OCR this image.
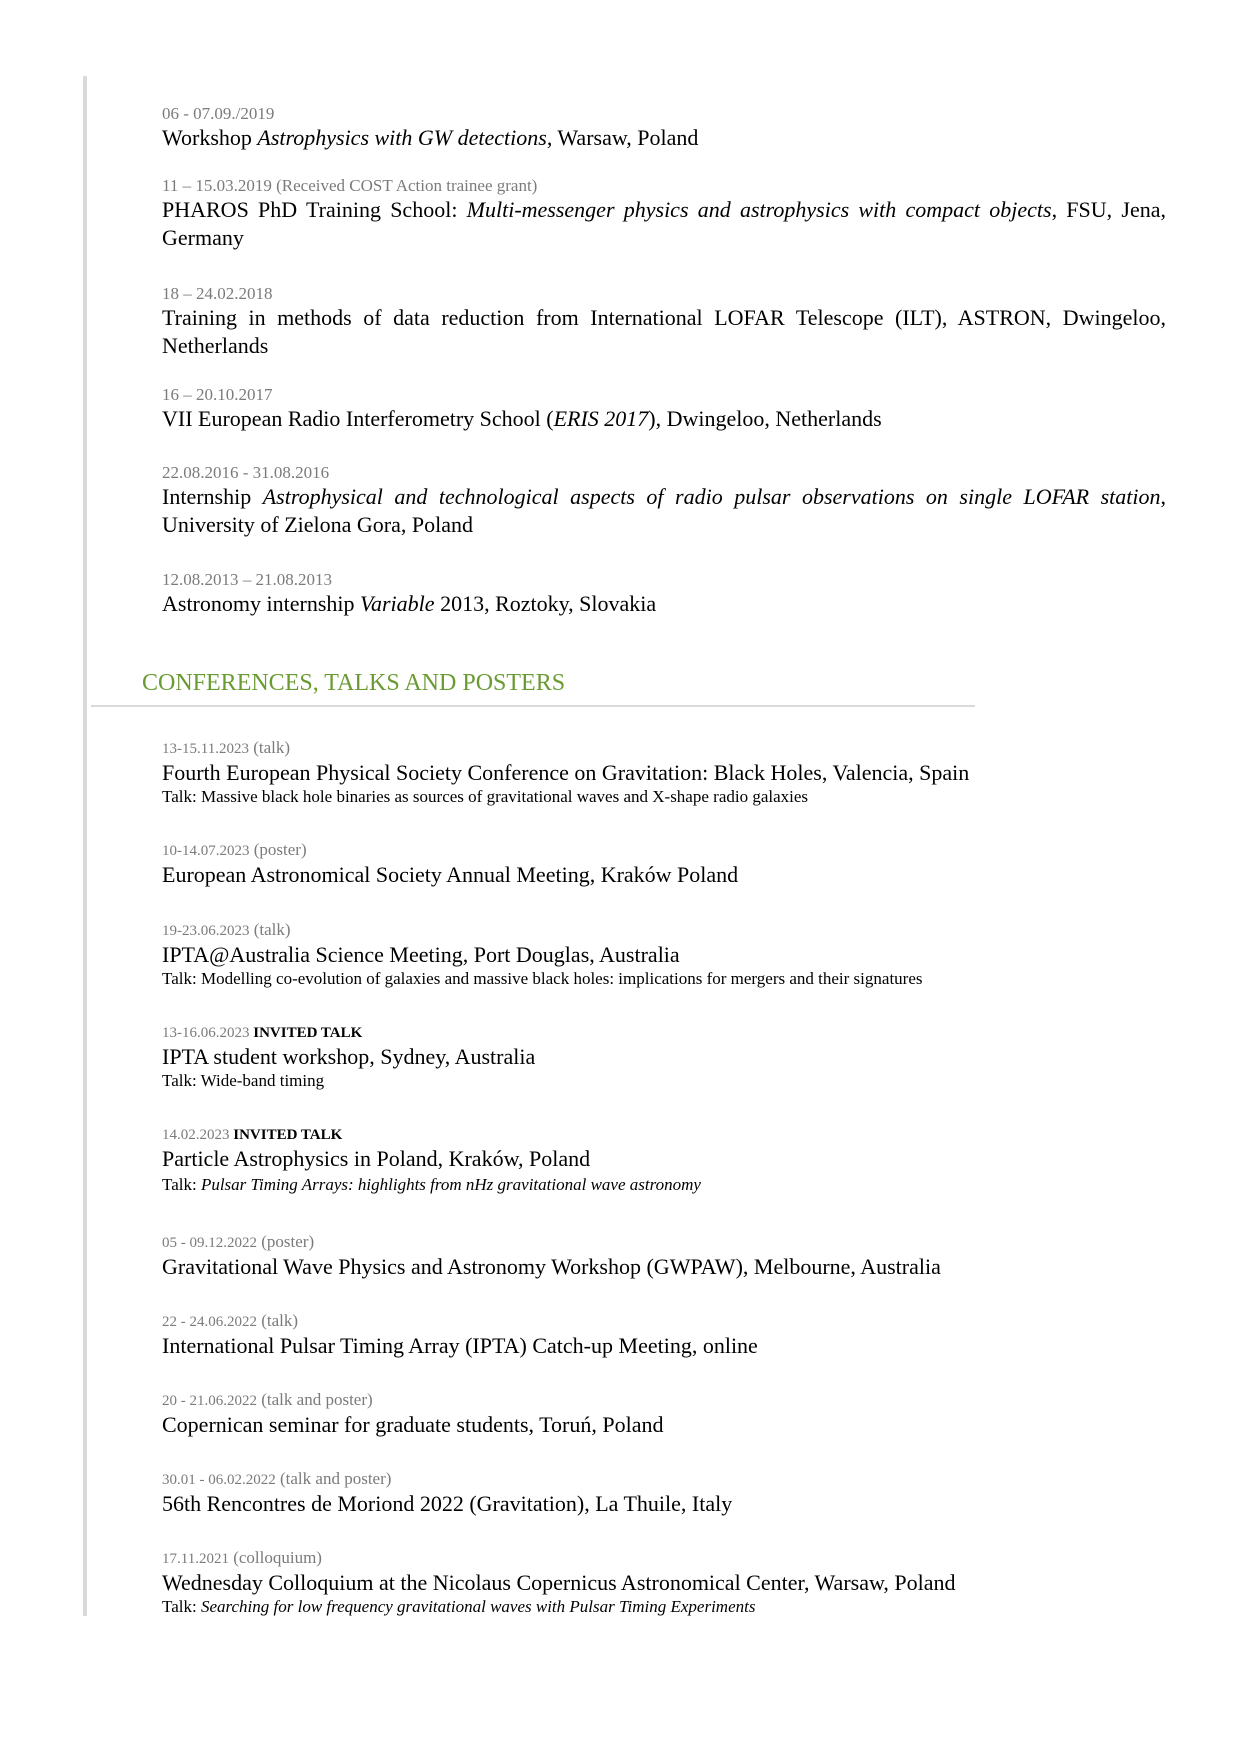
06 - 07.09./2019
Workshop Astrophysics with GW detections, Warsaw, Poland
11 – 15.03.2019 (Received COST Action trainee grant)
PHAROS PhD Training School: Multi-messenger physics and astrophysics with compact objects, FSU, Jena, Germany
18 – 24.02.2018
Training in methods of data reduction from International LOFAR Telescope (ILT), ASTRON, Dwingeloo, Netherlands
16 – 20.10.2017
VII European Radio Interferometry School (ERIS 2017), Dwingeloo, Netherlands
22.08.2016 - 31.08.2016
Internship Astrophysical and technological aspects of radio pulsar observations on single LOFAR station, University of Zielona Gora, Poland
12.08.2013 – 21.08.2013
Astronomy internship Variable 2013, Roztoky, Slovakia
CONFERENCES, TALKS AND POSTERS
13-15.11.2023 (talk)
Fourth European Physical Society Conference on Gravitation: Black Holes, Valencia, Spain
Talk: Massive black hole binaries as sources of gravitational waves and X-shape radio galaxies
10-14.07.2023 (poster)
European Astronomical Society Annual Meeting, Kraków Poland
19-23.06.2023 (talk)
IPTA@Australia Science Meeting, Port Douglas, Australia
Talk: Modelling co-evolution of galaxies and massive black holes: implications for mergers and their signatures
13-16.06.2023 INVITED TALK
IPTA student workshop, Sydney, Australia
Talk: Wide-band timing
14.02.2023 INVITED TALK
Particle Astrophysics in Poland, Kraków, Poland
Talk: Pulsar Timing Arrays: highlights from nHz gravitational wave astronomy
05 - 09.12.2022 (poster)
Gravitational Wave Physics and Astronomy Workshop (GWPAW), Melbourne, Australia
22 - 24.06.2022 (talk)
International Pulsar Timing Array (IPTA) Catch-up Meeting, online
20 - 21.06.2022 (talk and poster)
Copernican seminar for graduate students, Toruń, Poland
30.01 - 06.02.2022 (talk and poster)
56th Rencontres de Moriond 2022 (Gravitation), La Thuile, Italy
17.11.2021 (colloquium)
Wednesday Colloquium at the Nicolaus Copernicus Astronomical Center, Warsaw, Poland
Talk: Searching for low frequency gravitational waves with Pulsar Timing Experiments
